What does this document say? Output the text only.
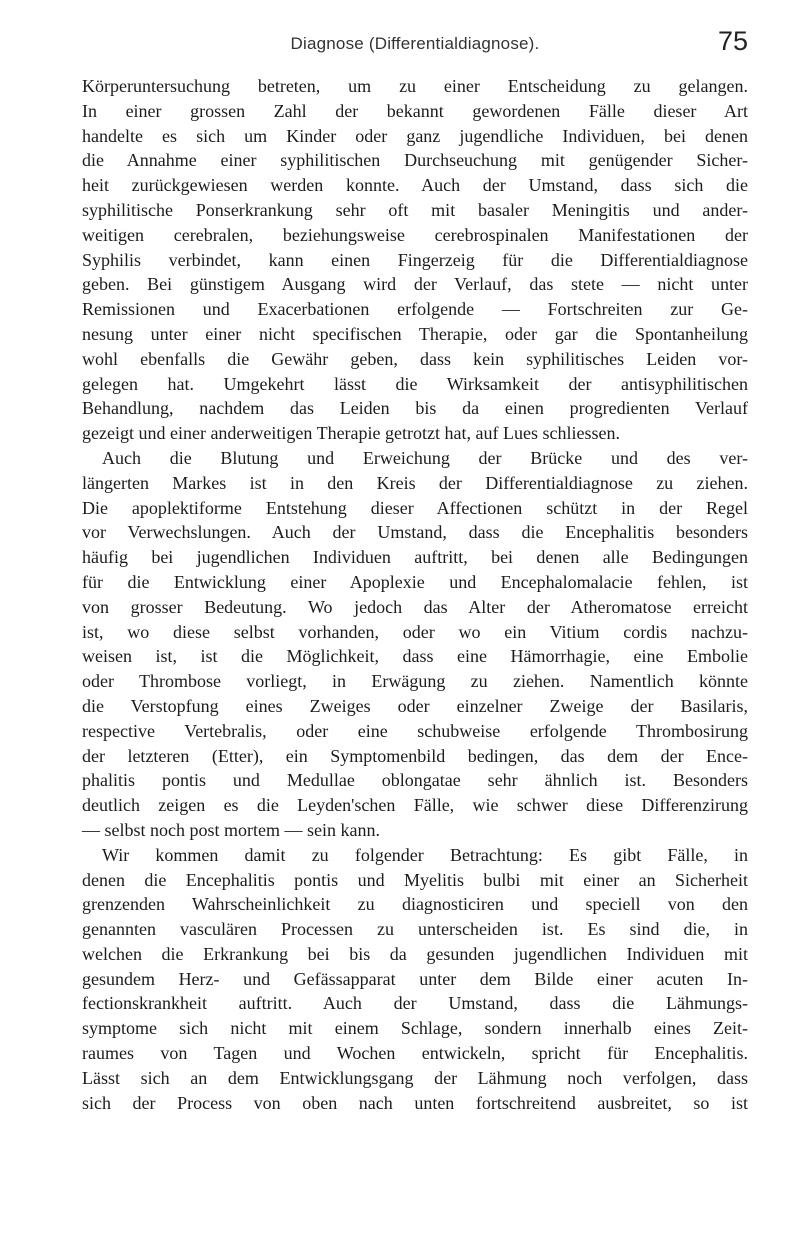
Diagnose (Differentialdiagnose).	75
Körperuntersuchung betreten, um zu einer Entscheidung zu gelangen.
In einer grossen Zahl der bekannt gewordenen Fälle dieser Art
handelte es sich um Kinder oder ganz jugendliche Individuen, bei denen
die Annahme einer syphilitischen Durchseuchung mit genügender Sicher-
heit zurückgewiesen werden konnte. Auch der Umstand, dass sich die
syphilitische Ponserkrankung sehr oft mit basaler Meningitis und ander-
weitigen cerebralen, beziehungsweise cerebrospinalen Manifestationen der
Syphilis verbindet, kann einen Fingerzeig für die Differentialdiagnose
geben. Bei günstigem Ausgang wird der Verlauf, das stete — nicht unter
Remissionen und Exacerbationen erfolgende — Fortschreiten zur Ge-
nesung unter einer nicht specifischen Therapie, oder gar die Spontanheilung
wohl ebenfalls die Gewähr geben, dass kein syphilitisches Leiden vor-
gelegen hat. Umgekehrt lässt die Wirksamkeit der antisyphilitischen
Behandlung, nachdem das Leiden bis da einen progredienten Verlauf
gezeigt und einer anderweitigen Therapie getrotzt hat, auf Lues schliessen.
Auch die Blutung und Erweichung der Brücke und des ver-
längerten Markes ist in den Kreis der Differentialdiagnose zu ziehen.
Die apoplektiforme Entstehung dieser Affectionen schützt in der Regel
vor Verwechslungen. Auch der Umstand, dass die Encephalitis besonders
häufig bei jugendlichen Individuen auftritt, bei denen alle Bedingungen
für die Entwicklung einer Apoplexie und Encephalomalacie fehlen, ist
von grosser Bedeutung. Wo jedoch das Alter der Atheromatose erreicht
ist, wo diese selbst vorhanden, oder wo ein Vitium cordis nachzu-
weisen ist, ist die Möglichkeit, dass eine Hämorrhagie, eine Embolie
oder Thrombose vorliegt, in Erwägung zu ziehen. Namentlich könnte
die Verstopfung eines Zweiges oder einzelner Zweige der Basilaris,
respective Vertebralis, oder eine schubweise erfolgende Thrombosirung
der letzteren (Etter), ein Symptomenbild bedingen, das dem der Ence-
phalitis pontis und Medullae oblongatae sehr ähnlich ist. Besonders
deutlich zeigen es die Leyden'schen Fälle, wie schwer diese Differenzirung
— selbst noch post mortem — sein kann.
Wir kommen damit zu folgender Betrachtung: Es gibt Fälle, in
denen die Encephalitis pontis und Myelitis bulbi mit einer an Sicherheit
grenzenden Wahrscheinlichkeit zu diagnosticiren und speciell von den
genannten vasculären Processen zu unterscheiden ist. Es sind die, in
welchen die Erkrankung bei bis da gesunden jugendlichen Individuen mit
gesundem Herz- und Gefässapparat unter dem Bilde einer acuten In-
fectionskrankheit auftritt. Auch der Umstand, dass die Lähmungs-
symptome sich nicht mit einem Schlage, sondern innerhalb eines Zeit-
raumes von Tagen und Wochen entwickeln, spricht für Encephalitis.
Lässt sich an dem Entwicklungsgang der Lähmung noch verfolgen, dass
sich der Process von oben nach unten fortschreitend ausbreitet, so ist
